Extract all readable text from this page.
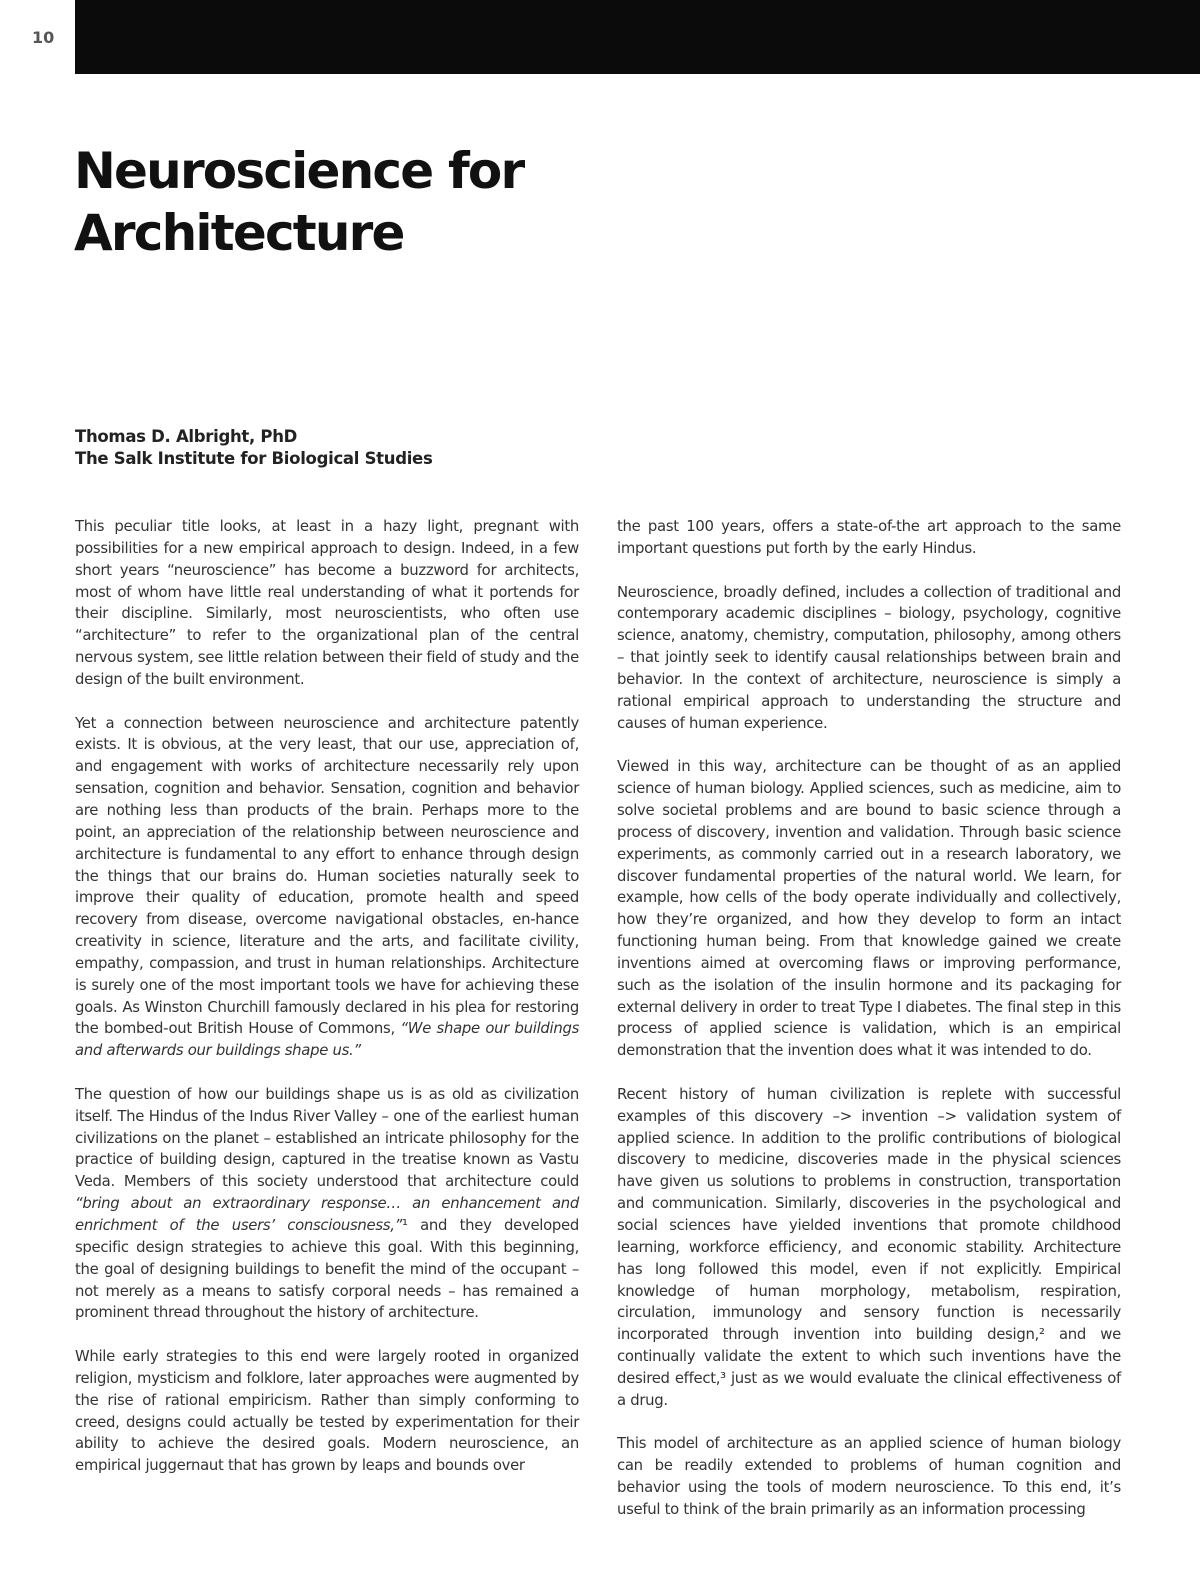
10
Neuroscience for
Architecture
Thomas D. Albright, PhD
The Salk Institute for Biological Studies

This peculiar title looks, at least in a hazy light, pregnant with possibilities for a new empirical approach to design. Indeed, in a few short years “neuroscience” has become a buzzword for architects, most of whom have little real understanding of what it portends for their discipline. Similarly, most neuroscientists, who often use “architecture” to refer to the organizational plan of the central nervous system, see little relation between their field of study and the design of the built environment.

Yet a connection between neuroscience and architecture patently exists. It is obvious, at the very least, that our use, appreciation of, and engagement with works of architecture necessarily rely upon sensation, cognition and behavior. Sensation, cognition and behavior are nothing less than products of the brain. Perhaps more to the point, an appreciation of the relationship between neuroscience and architecture is fundamental to any effort to enhance through design the things that our brains do. Human societies naturally seek to improve their quality of education, promote health and speed recovery from disease, overcome navigational obstacles, en-hance creativity in science, literature and the arts, and facilitate civility, empathy, compassion, and trust in human relationships. Architecture is surely one of the most important tools we have for achieving these goals. As Winston Churchill famously declared in his plea for restoring the bombed-out British House of Commons, “We shape our buildings and afterwards our buildings shape us.”

The question of how our buildings shape us is as old as civilization itself. The Hindus of the Indus River Valley – one of the earliest human civilizations on the planet – established an intricate philosophy for the practice of building design, captured in the treatise known as Vastu Veda. Members of this society understood that architecture could “bring about an extraordinary response… an enhancement and enrichment of the users’ consciousness,”¹ and they developed specific design strategies to achieve this goal. With this beginning, the goal of designing buildings to benefit the mind of the occupant – not merely as a means to satisfy corporal needs – has remained a prominent thread throughout the history of architecture.

While early strategies to this end were largely rooted in organized religion, mysticism and folklore, later approaches were augmented by the rise of rational empiricism. Rather than simply conforming to creed, designs could actually be tested by experimentation for their ability to achieve the desired goals. Modern neuroscience, an empirical juggernaut that has grown by leaps and bounds over

the past 100 years, offers a state-of-the art approach to the same important questions put forth by the early Hindus.

Neuroscience, broadly defined, includes a collection of traditional and contemporary academic disciplines – biology, psychology, cognitive science, anatomy, chemistry, computation, philosophy, among others – that jointly seek to identify causal relationships between brain and behavior. In the context of architecture, neuroscience is simply a rational empirical approach to understanding the structure and causes of human experience.

Viewed in this way, architecture can be thought of as an applied science of human biology. Applied sciences, such as medicine, aim to solve societal problems and are bound to basic science through a process of discovery, invention and validation. Through basic science experiments, as commonly carried out in a research laboratory, we discover fundamental properties of the natural world. We learn, for example, how cells of the body operate individually and collectively, how they’re organized, and how they develop to form an intact functioning human being. From that knowledge gained we create inventions aimed at overcoming flaws or improving performance, such as the isolation of the insulin hormone and its packaging for external delivery in order to treat Type I diabetes. The final step in this process of applied science is validation, which is an empirical demonstration that the invention does what it was intended to do.

Recent history of human civilization is replete with successful examples of this discovery –> invention –> validation system of applied science. In addition to the prolific contributions of biological discovery to medicine, discoveries made in the physical sciences have given us solutions to problems in construction, transportation and communication. Similarly, discoveries in the psychological and social sciences have yielded inventions that promote childhood learning, workforce efficiency, and economic stability. Architecture has long followed this model, even if not explicitly. Empirical knowledge of human morphology, metabolism, respiration, circulation, immunology and sensory function is necessarily incorporated through invention into building design,² and we continually validate the extent to which such inventions have the desired effect,³ just as we would evaluate the clinical effectiveness of a drug.

This model of architecture as an applied science of human biology can be readily extended to problems of human cognition and behavior using the tools of modern neuroscience. To this end, it’s useful to think of the brain primarily as an information processing
